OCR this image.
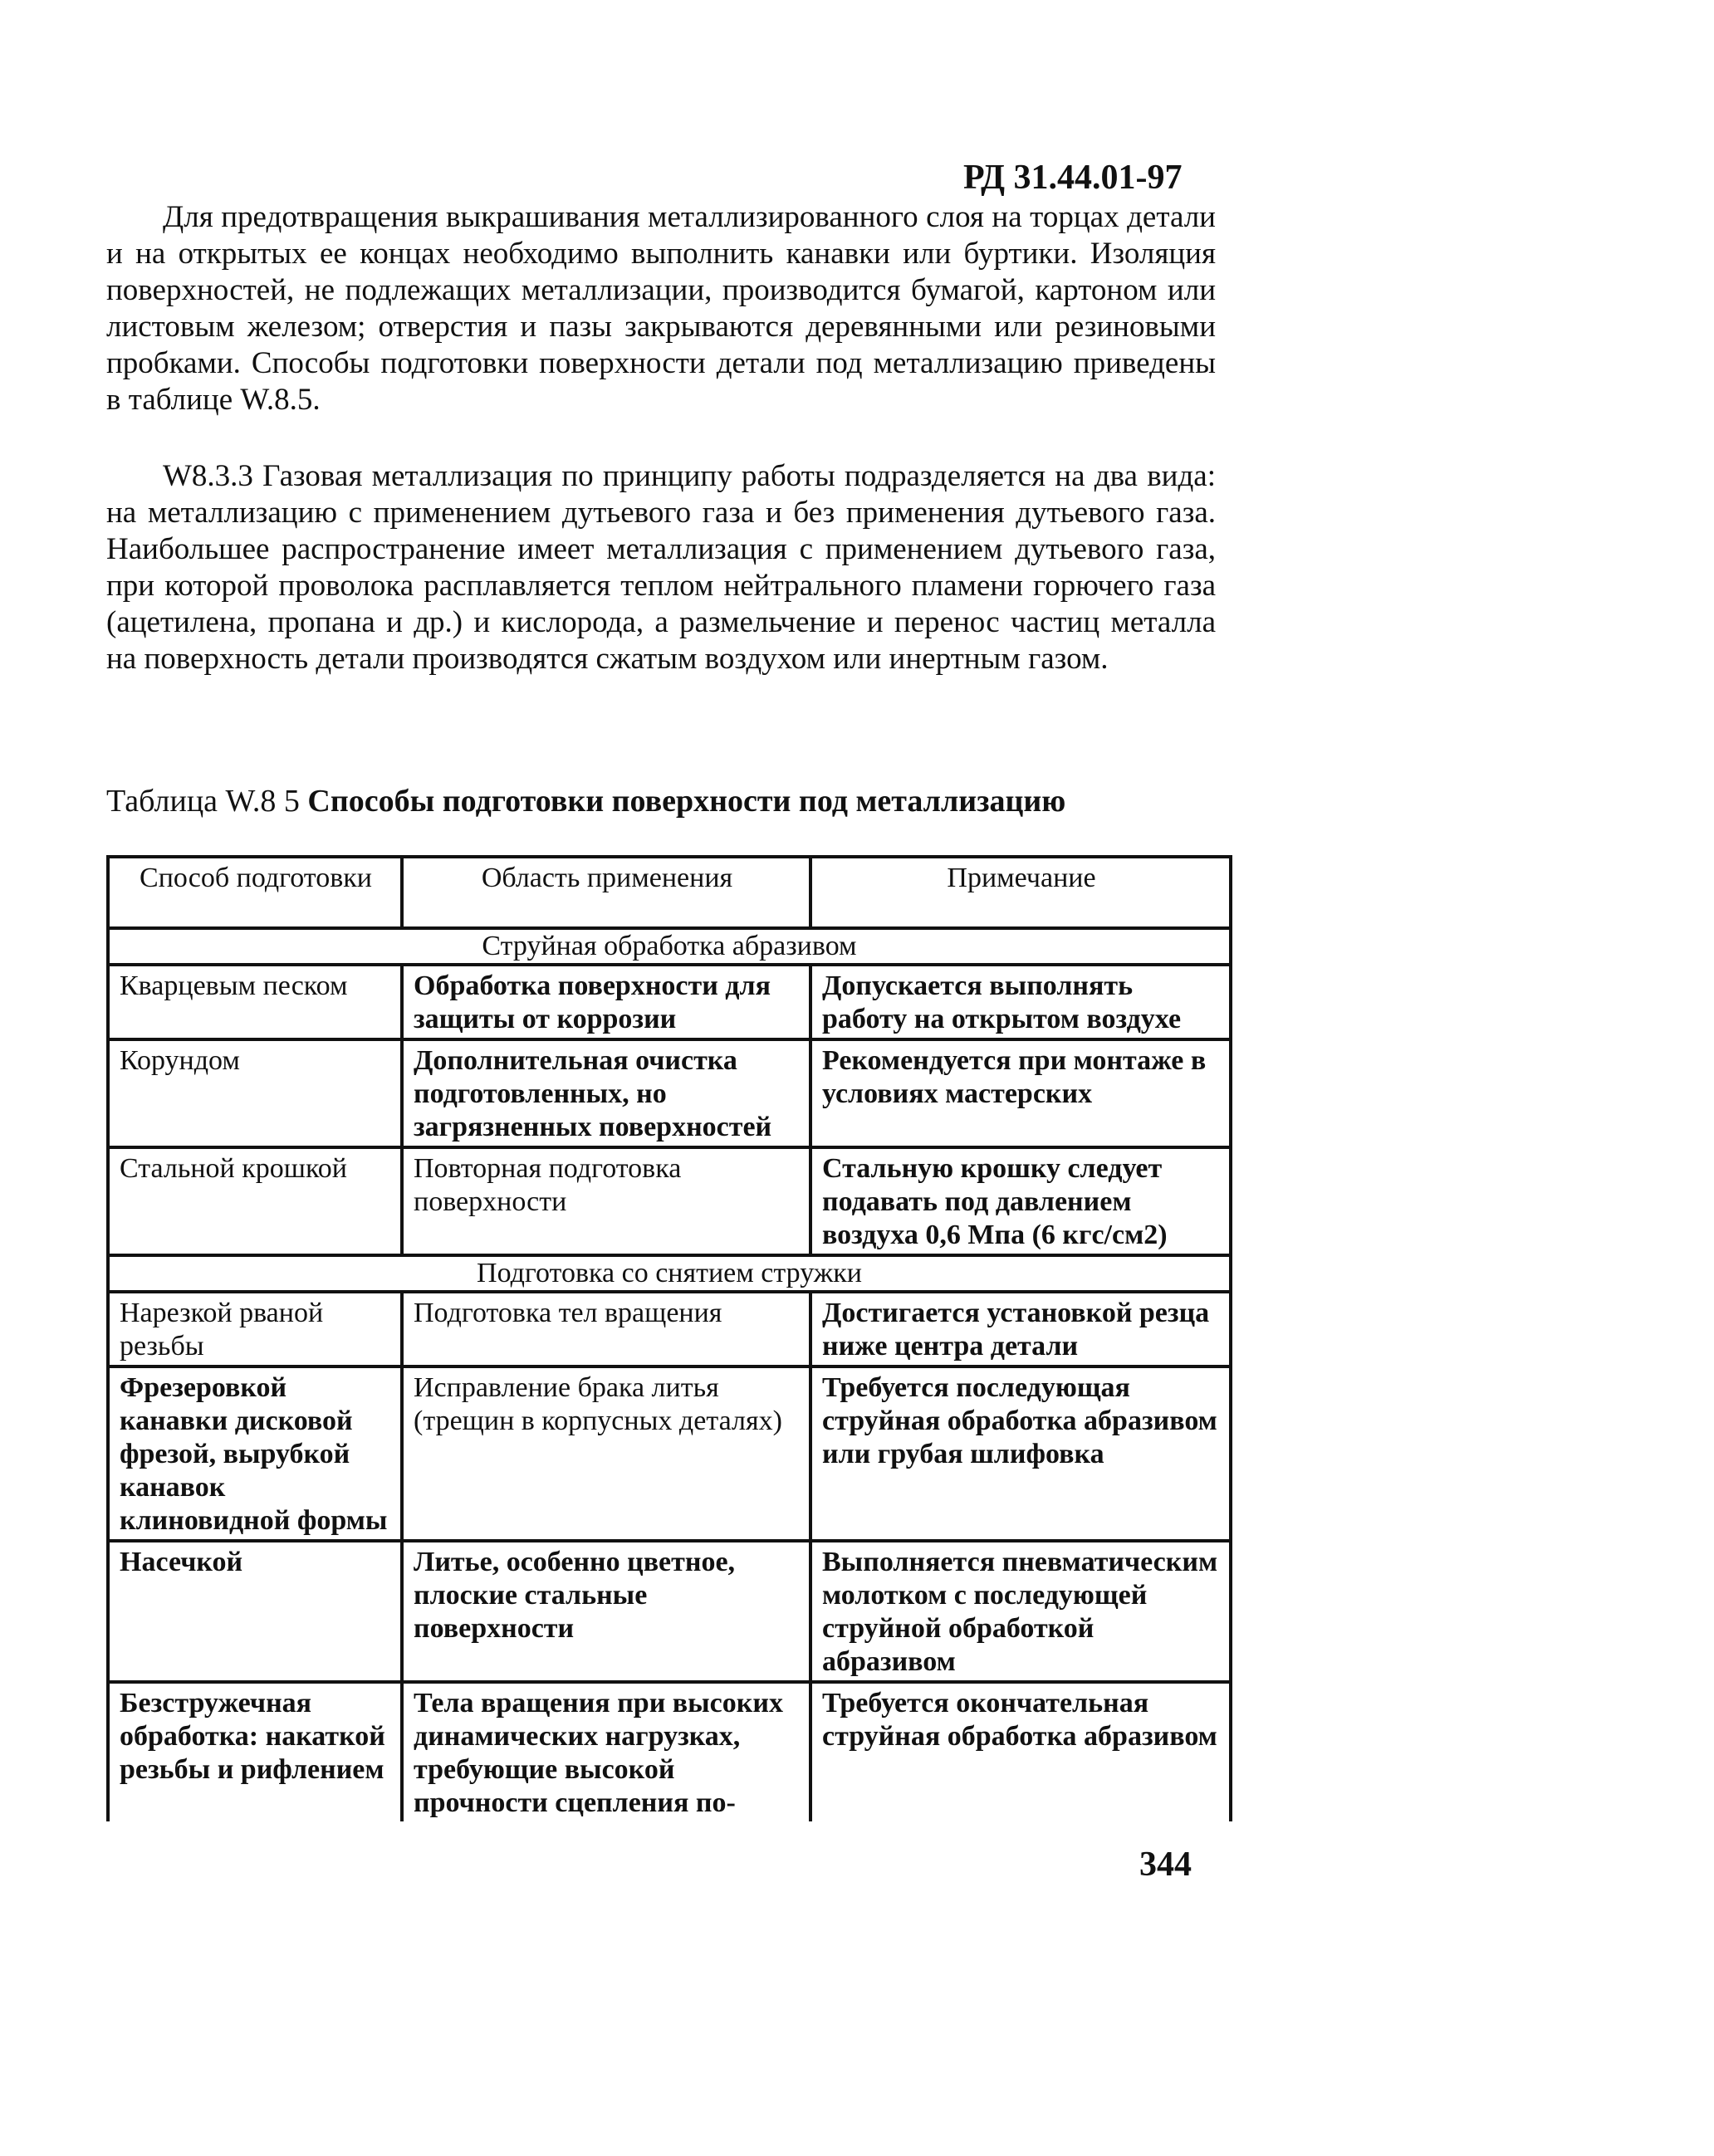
РД 31.44.01-97
Для предотвращения выкрашивания металлизированного слоя на торцах детали и на открытых ее концах необходимо выполнить канавки или буртики. Изоляция поверхностей, не подлежащих металлизации, производится бумагой, картоном или листовым железом; отверстия и пазы закрываются деревянными или резиновыми пробками. Способы подготовки поверхности детали под металлизацию приведены в таблице W.8.5.
W8.3.3 Газовая металлизация по принципу работы подразделяется на два вида: на металлизацию с применением дутьевого газа и без применения дутьевого газа. Наибольшее распространение имеет металлизация с применением дутьевого газа, при которой проволока расплавляется теплом нейтрального пламени горючего газа (ацетилена, пропана и др.) и кислорода, а размельчение и перенос частиц металла на поверхность детали производятся сжатым воздухом или инертным газом.
Таблица W.8 5 Способы подготовки поверхности под металлизацию
Способ подготовки	Область применения	Примечание
Струйная обработка абразивом		
Кварцевым песком	Обработка поверхности для защиты от коррозии	Допускается выполнять работу на открытом воздухе
Корундом	Дополнительная очистка подготовленных, но загрязненных поверхностей	Рекомендуется при монтаже в условиях мастерских
Стальной крошкой	Повторная подготовка поверхности	Стальную крошку следует подавать под давлением воздуха 0,6 Мпа (6 кгс/см2)
Подготовка со снятием стружки		
Нарезкой рваной резьбы	Подготовка тел вращения	Достигается установкой резца ниже центра детали
Фрезеровкой канавки дисковой фрезой, вырубкой канавок клиновидной формы	Исправление брака литья (трещин в корпусных деталях)	Требуется последующая струйная обработка абразивом или грубая шлифовка
Насечкой	Литье, особенно цветное, плоские стальные поверхности	Выполняется пневматическим молотком с последующей струйной обработкой абразивом
Безстружечная обработка: накаткой резьбы и рифлением	Тела вращения при высоких динамических нагрузках, требующие высокой прочности сцепления по-	Требуется окончательная струйная обработка абразивом
344
